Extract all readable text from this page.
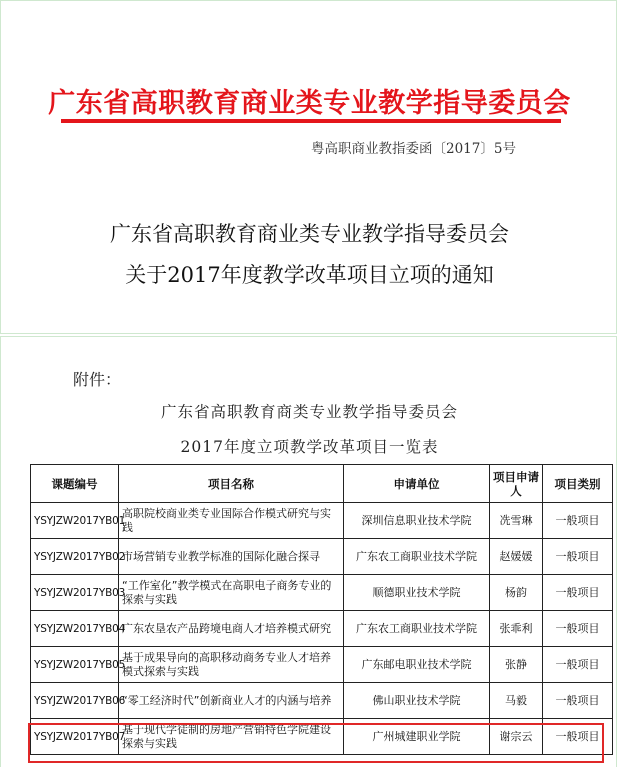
广东省高职教育商业类专业教学指导委员会
粤高职商业教指委函〔2017〕5号
广东省高职教育商业类专业教学指导委员会
关于2017年度教学改革项目立项的通知
附件：
广东省高职教育商类专业教学指导委员会
2017年度立项教学改革项目一览表
课题编号	项目名称	申请单位	项目申请人	项目类别
YSYJZW2017YB01	高职院校商业类专业国际合作模式研究与实践	深圳信息职业技术学院	冼雪琳	一般项目
YSYJZW2017YB02	市场营销专业教学标准的国际化融合探寻	广东农工商职业技术学院	赵媛媛	一般项目
YSYJZW2017YB03	“工作室化”教学模式在高职电子商务专业的探索与实践	顺德职业技术学院	杨韵	一般项目
YSYJZW2017YB04	广东农垦农产品跨境电商人才培养模式研究	广东农工商职业技术学院	张乖利	一般项目
YSYJZW2017YB05	基于成果导向的高职移动商务专业人才培养模式探索与实践	广东邮电职业技术学院	张静	一般项目
YSYJZW2017YB06	“零工经济时代”创新商业人才的内涵与培养	佛山职业技术学院	马毅	一般项目
YSYJZW2017YB07	基于现代学徒制的房地产营销特色学院建设探索与实践	广州城建职业学院	谢宗云	一般项目
